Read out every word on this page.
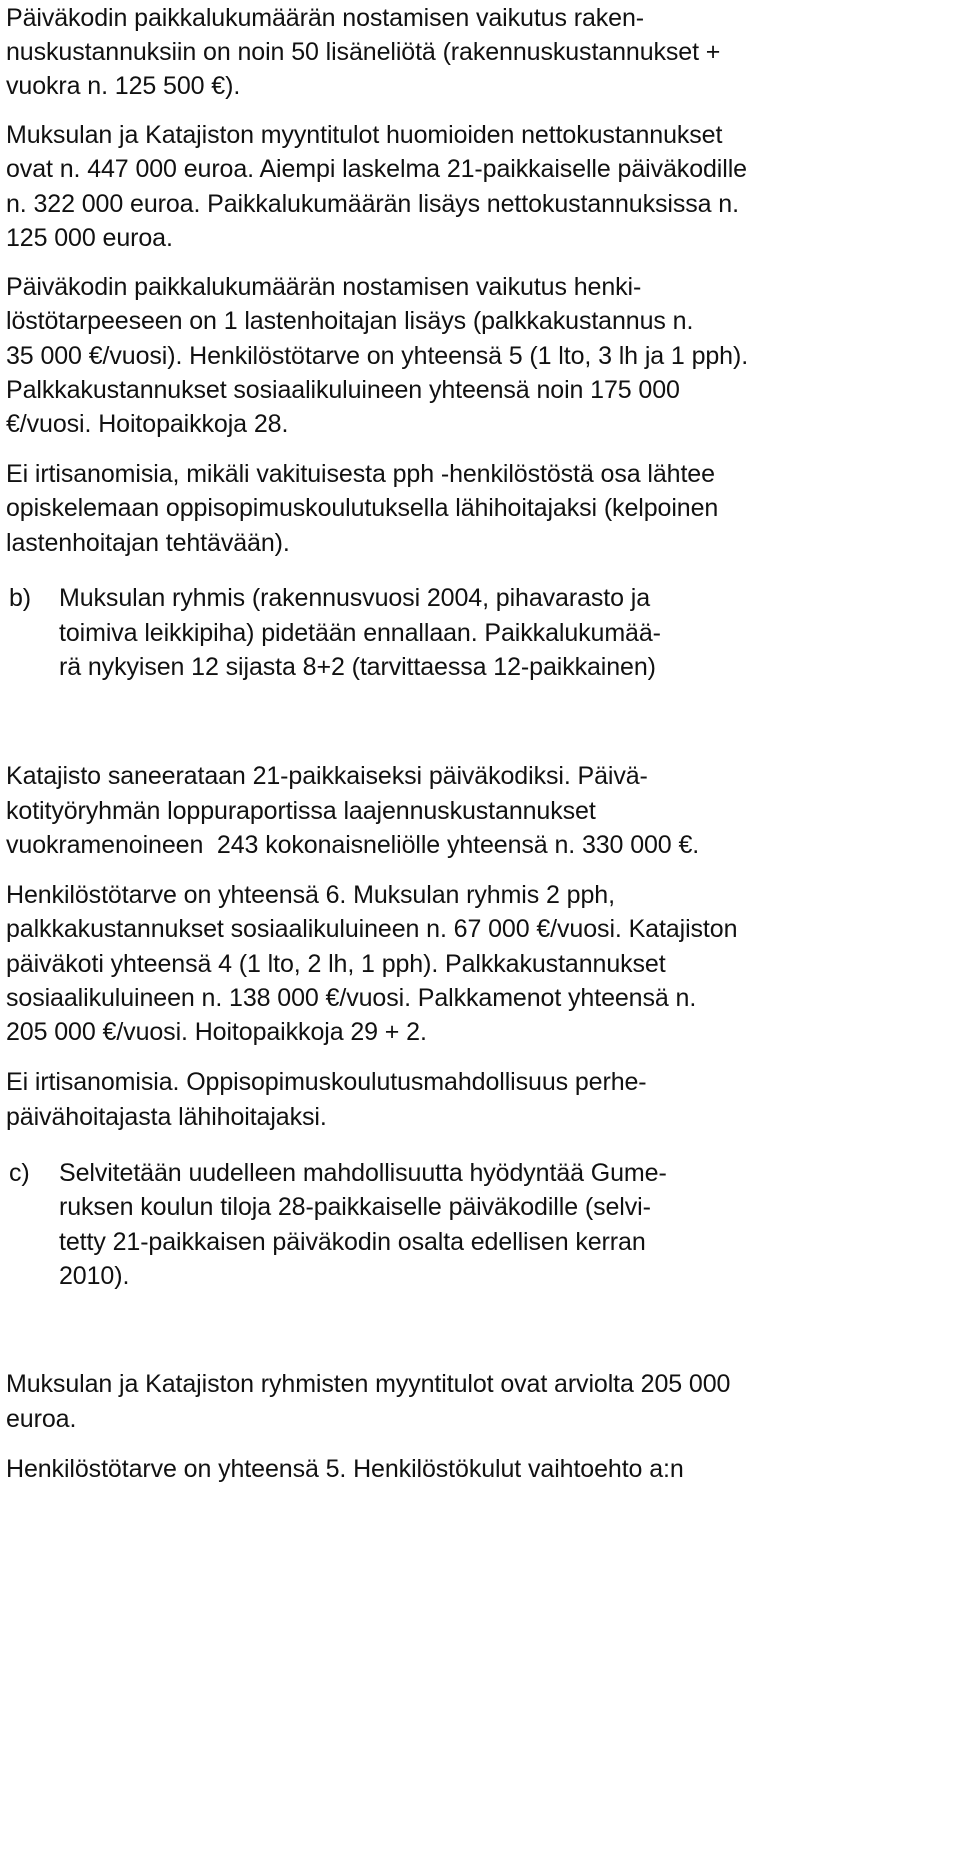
Päiväkodin paikkalukumäärän nostamisen vaikutus raken-
nuskustannuksiin on noin 50 lisäneliötä (rakennuskustannukset +
vuokra n. 125 500 €).
Muksulan ja Katajiston myyntitulot huomioiden nettokustannukset
ovat n. 447 000 euroa. Aiempi laskelma 21-paikkaiselle päiväkodille
n. 322 000 euroa. Paikkalukumäärän lisäys nettokustannuksissa n.
125 000 euroa.
Päiväkodin paikkalukumäärän nostamisen vaikutus henki-
löstötarpeeseen on 1 lastenhoitajan lisäys (palkkakustannus n.
35 000 €/vuosi). Henkilöstötarve on yhteensä 5 (1 lto, 3 lh ja 1 pph).
Palkkakustannukset sosiaalikuluineen yhteensä noin 175 000
€/vuosi. Hoitopaikkoja 28.
Ei irtisanomisia, mikäli vakituisesta pph -henkilöstöstä osa lähtee
opiskelemaan oppisopimuskoulutuksella lähihoitajaksi (kelpoinen
lastenhoitajan tehtävään).
b) Muksulan ryhmis (rakennusvuosi 2004, pihavarasto ja
toimiva leikkipiha) pidetään ennallaan. Paikkalukumää-
rä nykyisen 12 sijasta 8+2 (tarvittaessa 12-paikkainen)
Katajisto saneerataan 21-paikkaiseksi päiväkodiksi. Päivä-
kotityöryhmän loppuraportissa laajennuskustannukset
vuokramenoineen  243 kokonaisneliölle yhteensä n. 330 000 €.
Henkilöstötarve on yhteensä 6. Muksulan ryhmis 2 pph,
palkkakustannukset sosiaalikuluineen n. 67 000 €/vuosi. Katajiston
päiväkoti yhteensä 4 (1 lto, 2 lh, 1 pph). Palkkakustannukset
sosiaalikuluineen n. 138 000 €/vuosi. Palkkamenot yhteensä n.
205 000 €/vuosi. Hoitopaikkoja 29 + 2.
Ei irtisanomisia. Oppisopimuskoulutusmahdollisuus perhe-
päivähoitajasta lähihoitajaksi.
c) Selvitetään uudelleen mahdollisuutta hyödyntää Gume-
ruksen koulun tiloja 28-paikkaiselle päiväkodille (selvi-
tetty 21-paikkaisen päiväkodin osalta edellisen kerran
2010).
Muksulan ja Katajiston ryhmisten myyntitulot ovat arviolta 205 000
euroa.
Henkilöstötarve on yhteensä 5. Henkilöstökulut vaihtoehto a:n
